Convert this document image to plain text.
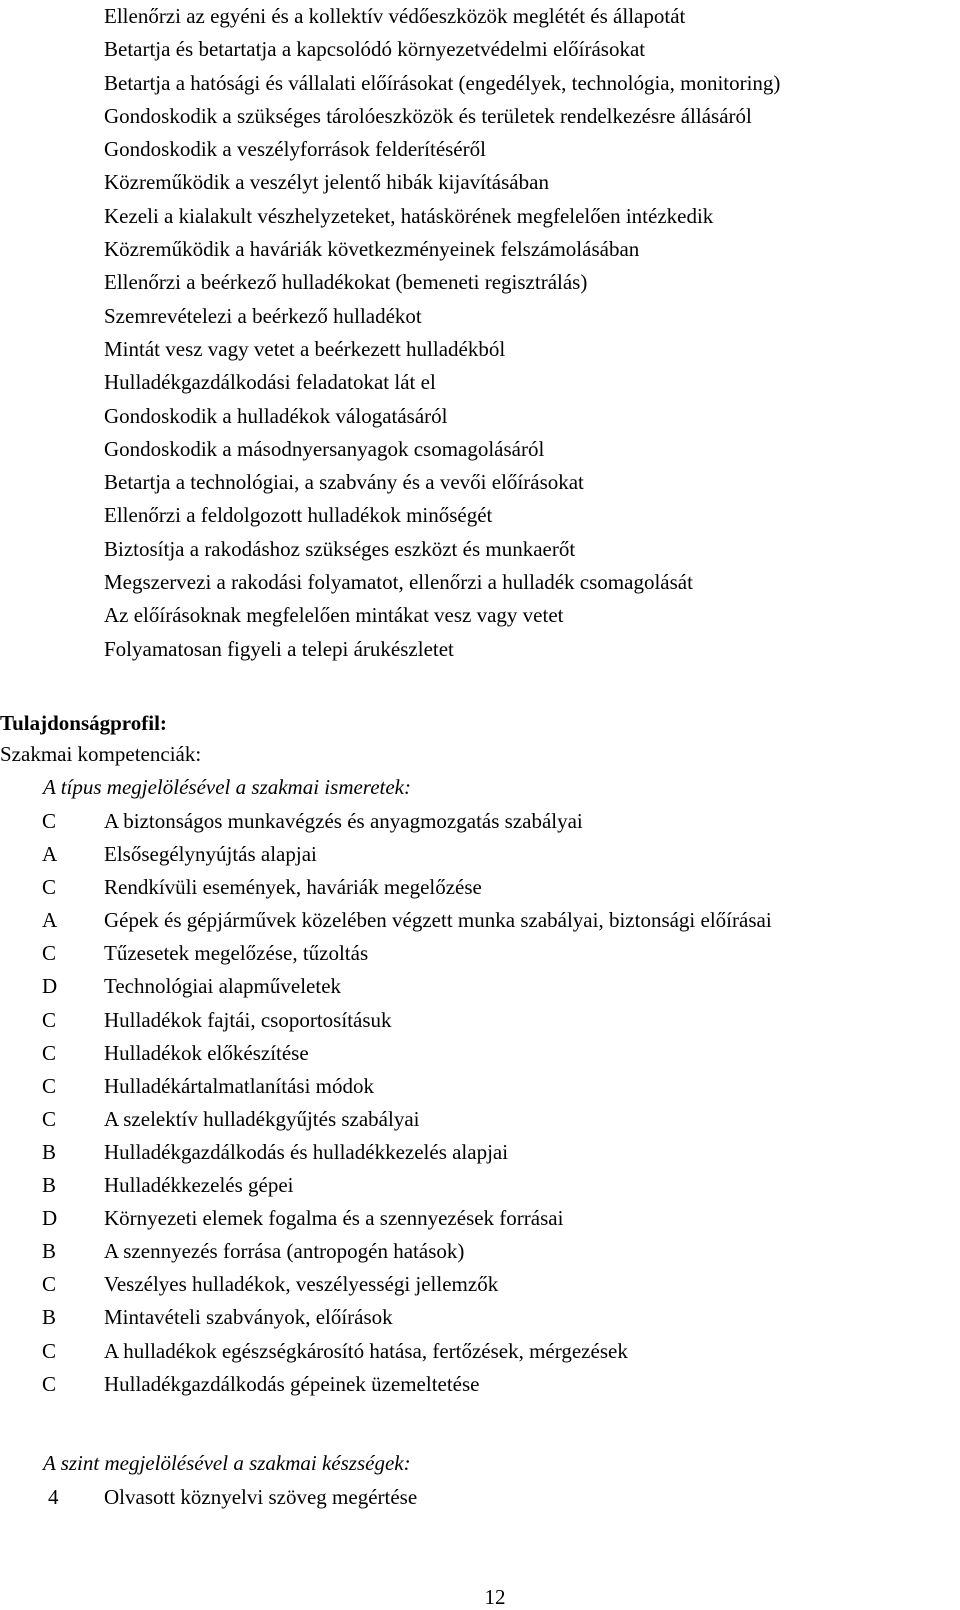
Ellenőrzi az egyéni és a kollektív védőeszközök meglétét és állapotát
Betartja és betartatja a kapcsolódó környezetvédelmi előírásokat
Betartja a hatósági és vállalati előírásokat (engedélyek, technológia, monitoring)
Gondoskodik a szükséges tárolóeszközök és területek rendelkezésre állásáról
Gondoskodik a veszélyforrások felderítéséről
Közreműködik a veszélyt jelentő hibák kijavításában
Kezeli a kialakult vészhelyzeteket, hatáskörének megfelelően intézkedik
Közreműködik a haváriák következményeinek felszámolásában
Ellenőrzi a beérkező hulladékokat (bemeneti regisztrálás)
Szemrevételezi a beérkező hulladékot
Mintát vesz vagy vetet a beérkezett hulladékból
Hulladékgazdálkodási feladatokat lát el
Gondoskodik a hulladékok válogatásáról
Gondoskodik a másodnyersanyagok csomagolásáról
Betartja a technológiai, a szabvány és a vevői előírásokat
Ellenőrzi a feldolgozott hulladékok minőségét
Biztosítja a rakodáshoz szükséges eszközt és munkaerőt
Megszervezi a rakodási folyamatot, ellenőrzi a hulladék csomagolását
Az előírásoknak megfelelően mintákat vesz vagy vetet
Folyamatosan figyeli a telepi árukészletet
Tulajdonságprofil:
Szakmai kompetenciák:
A típus megjelölésével a szakmai ismeretek:
C	A biztonságos munkavégzés és anyagmozgatás szabályai
A	Elsősegélynyújtás alapjai
C	Rendkívüli események, haváriák megelőzése
A	Gépek és gépjárművek közelében végzett munka szabályai, biztonsági előírásai
C	Tűzesetek megelőzése, tűzoltás
D	Technológiai alapműveletek
C	Hulladékok fajtái, csoportosításuk
C	Hulladékok előkészítése
C	Hulladékártalmatlanítási módok
C	A szelektív hulladékgyűjtés szabályai
B	Hulladékgazdálkodás és hulladékkezelés alapjai
B	Hulladékkezelés gépei
D	Környezeti elemek fogalma és a szennyezések forrásai
B	A szennyezés forrása (antropogén hatások)
C	Veszélyes hulladékok, veszélyességi jellemzők
B	Mintavételi szabványok, előírások
C	A hulladékok egészségkárosító hatása, fertőzések, mérgezések
C	Hulladékgazdálkodás gépeinek üzemeltetése
A szint megjelölésével a szakmai készségek:
4	Olvasott köznyelvi szöveg megértése
12
